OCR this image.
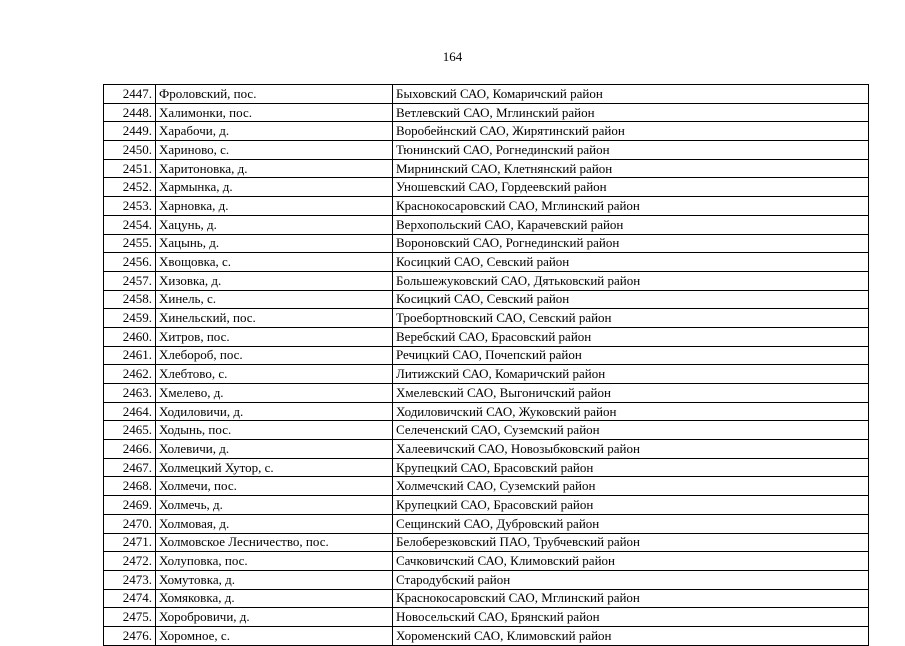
164
2447.	Фроловский, пос.	Быховский САО, Комаричский район
2448.	Халимонки, пос.	Ветлевский САО, Мглинский район
2449.	Харабочи, д.	Воробейнский САО, Жирятинский район
2450.	Хариново, с.	Тюнинский САО, Рогнединский район
2451.	Харитоновка, д.	Мирнинский САО, Клетнянский район
2452.	Хармынка, д.	Уношевский САО, Гордеевский район
2453.	Харновка, д.	Краснокосаровский САО, Мглинский район
2454.	Хацунь, д.	Верхопольский САО, Карачевский район
2455.	Хацынь, д.	Вороновский САО, Рогнединский район
2456.	Хвощовка, с.	Косицкий САО, Севский район
2457.	Хизовка, д.	Большежуковский САО, Дятьковский район
2458.	Хинель, с.	Косицкий САО, Севский район
2459.	Хинельский, пос.	Троебортновский САО, Севский район
2460.	Хитров, пос.	Веребский САО, Брасовский район
2461.	Хлебороб, пос.	Речицкий САО, Почепский район
2462.	Хлебтово, с.	Литижский САО, Комаричский район
2463.	Хмелево, д.	Хмелевский САО, Выгоничский район
2464.	Ходиловичи, д.	Ходиловичский САО, Жуковский район
2465.	Ходынь, пос.	Селеченский САО, Суземский район
2466.	Холевичи, д.	Халеевичский САО, Новозыбковский район
2467.	Холмецкий Хутор, с.	Крупецкий САО, Брасовский район
2468.	Холмечи, пос.	Холмечский САО, Суземский район
2469.	Холмечь, д.	Крупецкий САО, Брасовский район
2470.	Холмовая, д.	Сещинский САО, Дубровский район
2471.	Холмовское Лесничество, пос.	Белоберезковский ПАО, Трубчевский район
2472.	Холуповка, пос.	Сачковичский САО, Климовский район
2473.	Хомутовка, д.	Стародубский район
2474.	Хомяковка, д.	Краснокосаровский САО, Мглинский район
2475.	Хоробровичи, д.	Новосельский САО, Брянский район
2476.	Хоромное, с.	Хороменский САО, Климовский район
